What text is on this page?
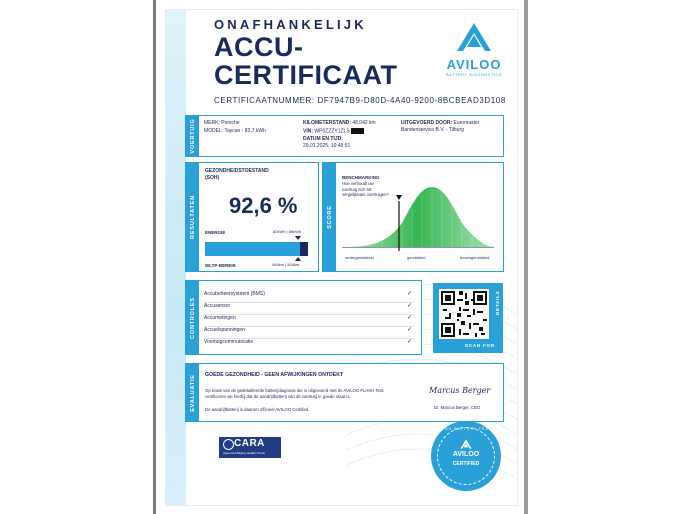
ONAFHANKELIJK
ACCU-
CERTIFICAAT
CERTIFICAATNUMMER: DF7947B9-D80D-4A40-9200-8BCBEAD3D108
AVILOO
BATTERY DIAGNOSTICS
VOERTUIG MERK: Porsche
MODEL: Taycan - 83,7 kWh
KILOMETERSTAND: 48.042 km
VIN: WP0ZZZY1ZLS
DATUM EN TIJD:
29.01.2025, 10:48:51
UITGEVOERD DOOR: Euromaster
Bandenservice B.V. - Tilburg
RESULTATEN
GEZONDHEIDSTOESTAND
(SOH)
92,6 %
ENERGIE	82kWh | 89kWh
WLTP-BEREIK	464km | 504km
SCORE
BENCHMARKING
Hoe verhoudt uw
voertuig zich tot
vergelijkbare voertuigen?
ondergemiddeld	gemiddeld	bovengemiddeld
CONTROLES
Accubeheersysteem (BMS)	✓
Accusensor	✓
Accumetingen	✓
Accuelspanningen	✓
Voertuigcommunicatie	✓
SCAN FOR
DETAILS
EVALUATIE GOEDE GEZONDHEID - GEEN AFWIJKINGEN ONTDEKT
Op basis van de gedetailleerde batterijdiagnose die is uitgevoerd met de AVILOO FLASH Test,
certificeren we hierbij dat de aandrijfbatterij van dit voertuig in goede staat is.
De aandrijfbatterij is daarom officieel AVILOO Certified.
Marcus Berger
Dr. Marcus Berger, CEO
CARA
Approved Battery Health Check
AVILOO BATTERY TESTED
AVILOO
CERTIFIED
